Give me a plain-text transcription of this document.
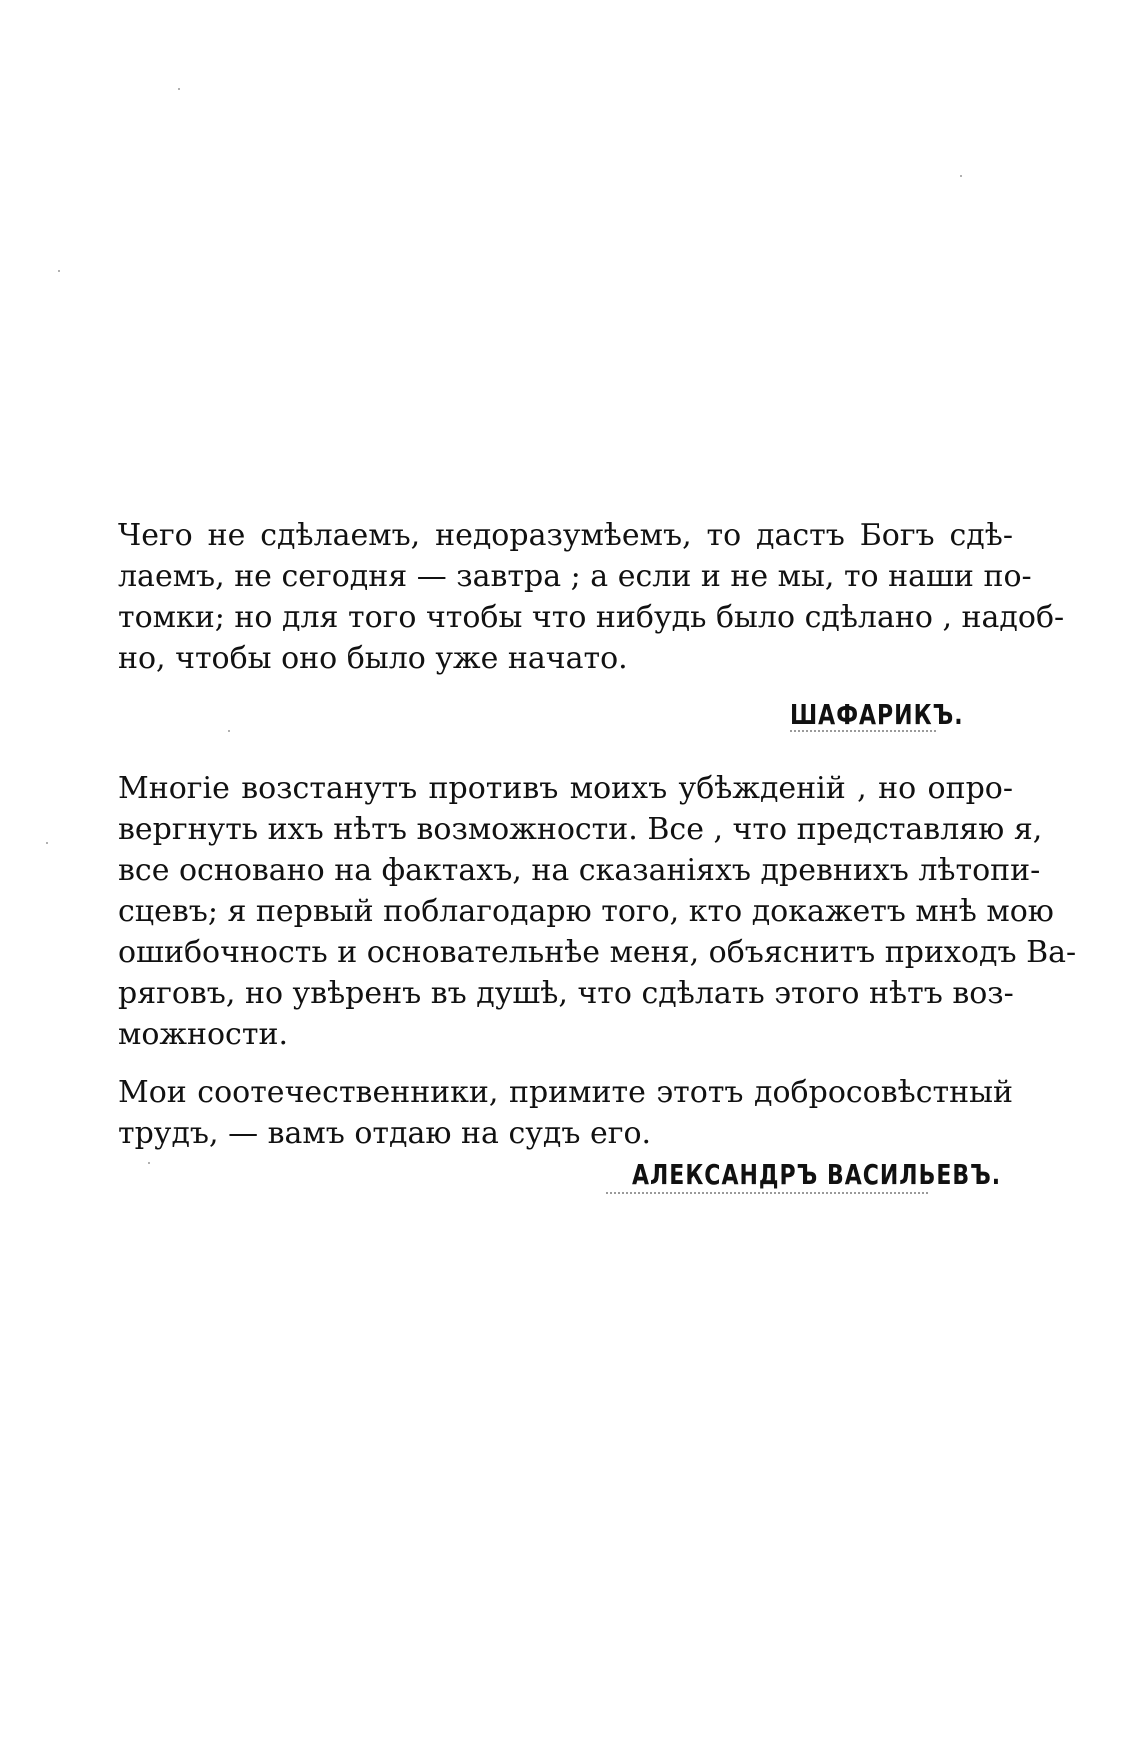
Чего не сдѣлаемъ, недоразумѣемъ, то дастъ Богъ сдѣ-
лаемъ, не сегодня — завтра ; а если и не мы, то наши по-
томки; но для того чтобы что нибудь было сдѣлано , надоб-
но, чтобы оно было уже начато.
ШАФАРИКЪ.
Многіе возстанутъ противъ моихъ убѣжденій , но опро-
вергнуть ихъ нѣтъ возможности. Все , что представляю я,
все основано на фактахъ, на сказаніяхъ древнихъ лѣтопи-
сцевъ; я первый поблагодарю того, кто докажетъ мнѣ мою
ошибочность и основательнѣе меня, объяснитъ приходъ Ва-
ряговъ, но увѣренъ въ душѣ, что сдѣлать этого нѣтъ воз-
можности.
Мои соотечественники, примите этотъ добросовѣстный
трудъ, — вамъ отдаю на судъ его.
АЛЕКСАНДРЪ ВАСИЛЬЕВЪ.
